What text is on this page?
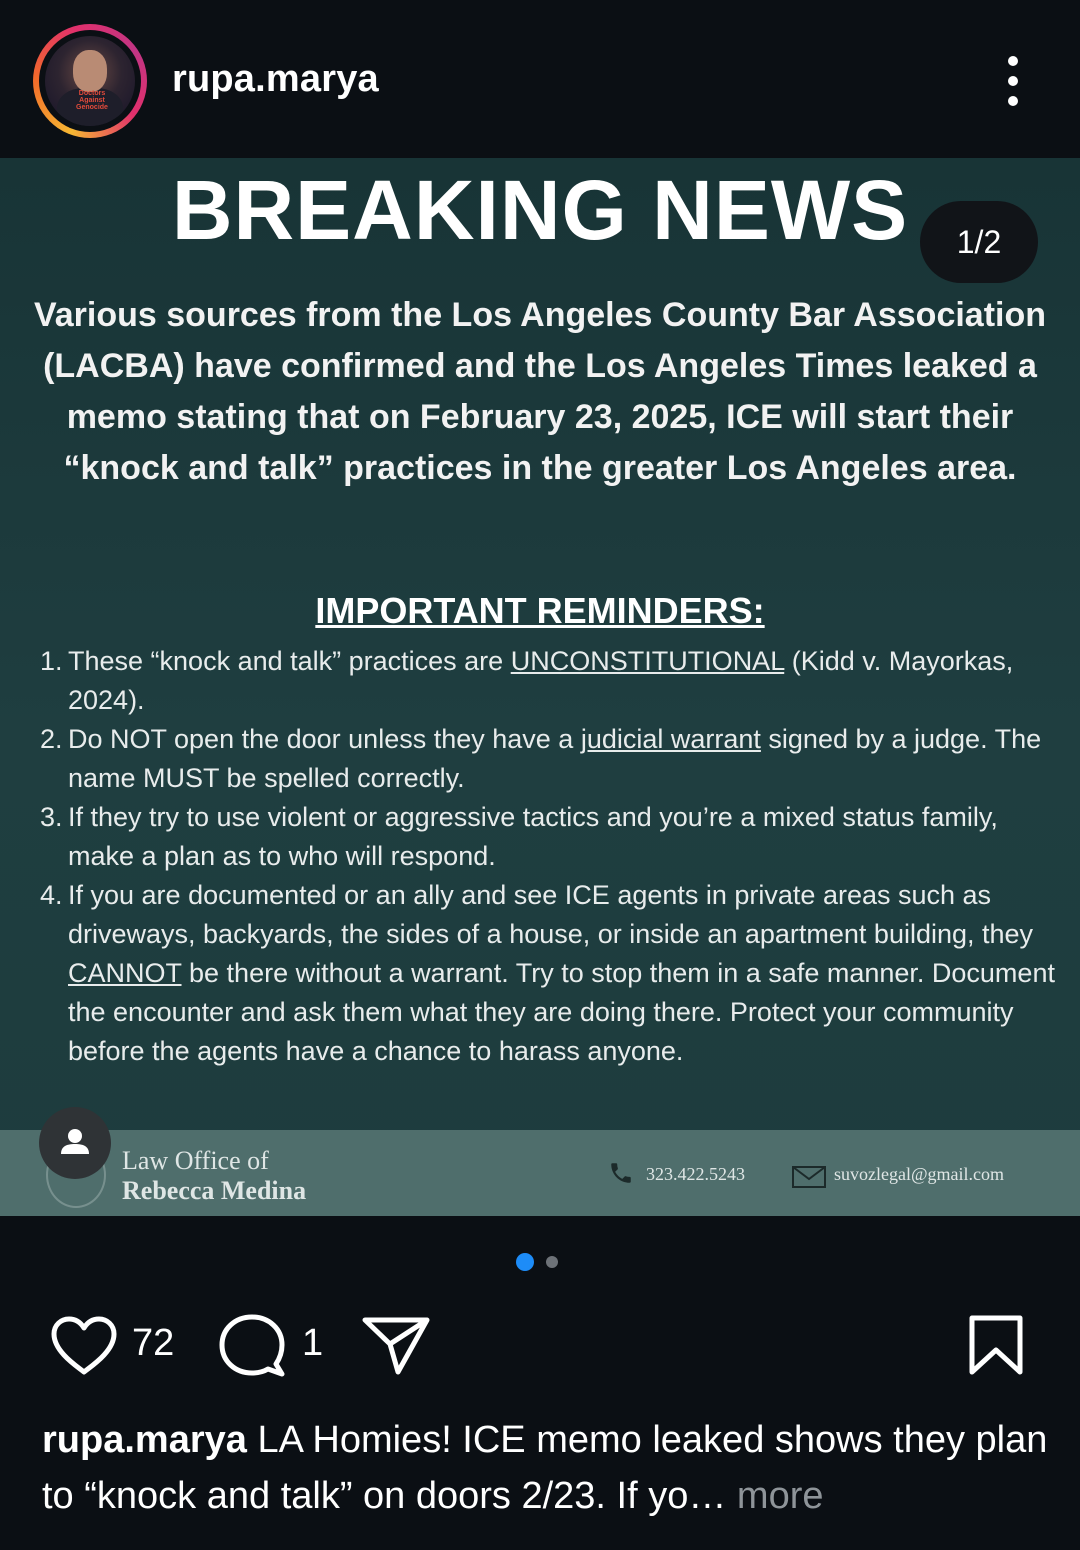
Doctors
Against
Genocide
rupa.marya
BREAKING NEWS
Various sources from the Los Angeles County Bar Association (LACBA) have confirmed and the Los Angeles Times leaked a memo stating that on February 23, 2025, ICE will start their “knock and talk” practices in the greater Los Angeles area.
IMPORTANT REMINDERS:
1. These “knock and talk” practices are UNCONSTITUTIONAL (Kidd v. Mayorkas, 2024).
2. Do NOT open the door unless they have a judicial warrant signed by a judge. The name MUST be spelled correctly.
3. If they try to use violent or aggressive tactics and you’re a mixed status family, make a plan as to who will respond.
4. If you are documented or an ally and see ICE agents in private areas such as driveways, backyards, the sides of a house, or inside an apartment building, they CANNOT be there without a warrant. Try to stop them in a safe manner. Document the encounter and ask them what they are doing there. Protect your community before the agents have a chance to harass anyone.
Law Office of
Rebecca Medina
323.422.5243	suvozlegal@gmail.com
1/2
72	1
rupa.marya LA Homies! ICE memo leaked shows they plan to “knock and talk” on doors 2/23. If yo… more
